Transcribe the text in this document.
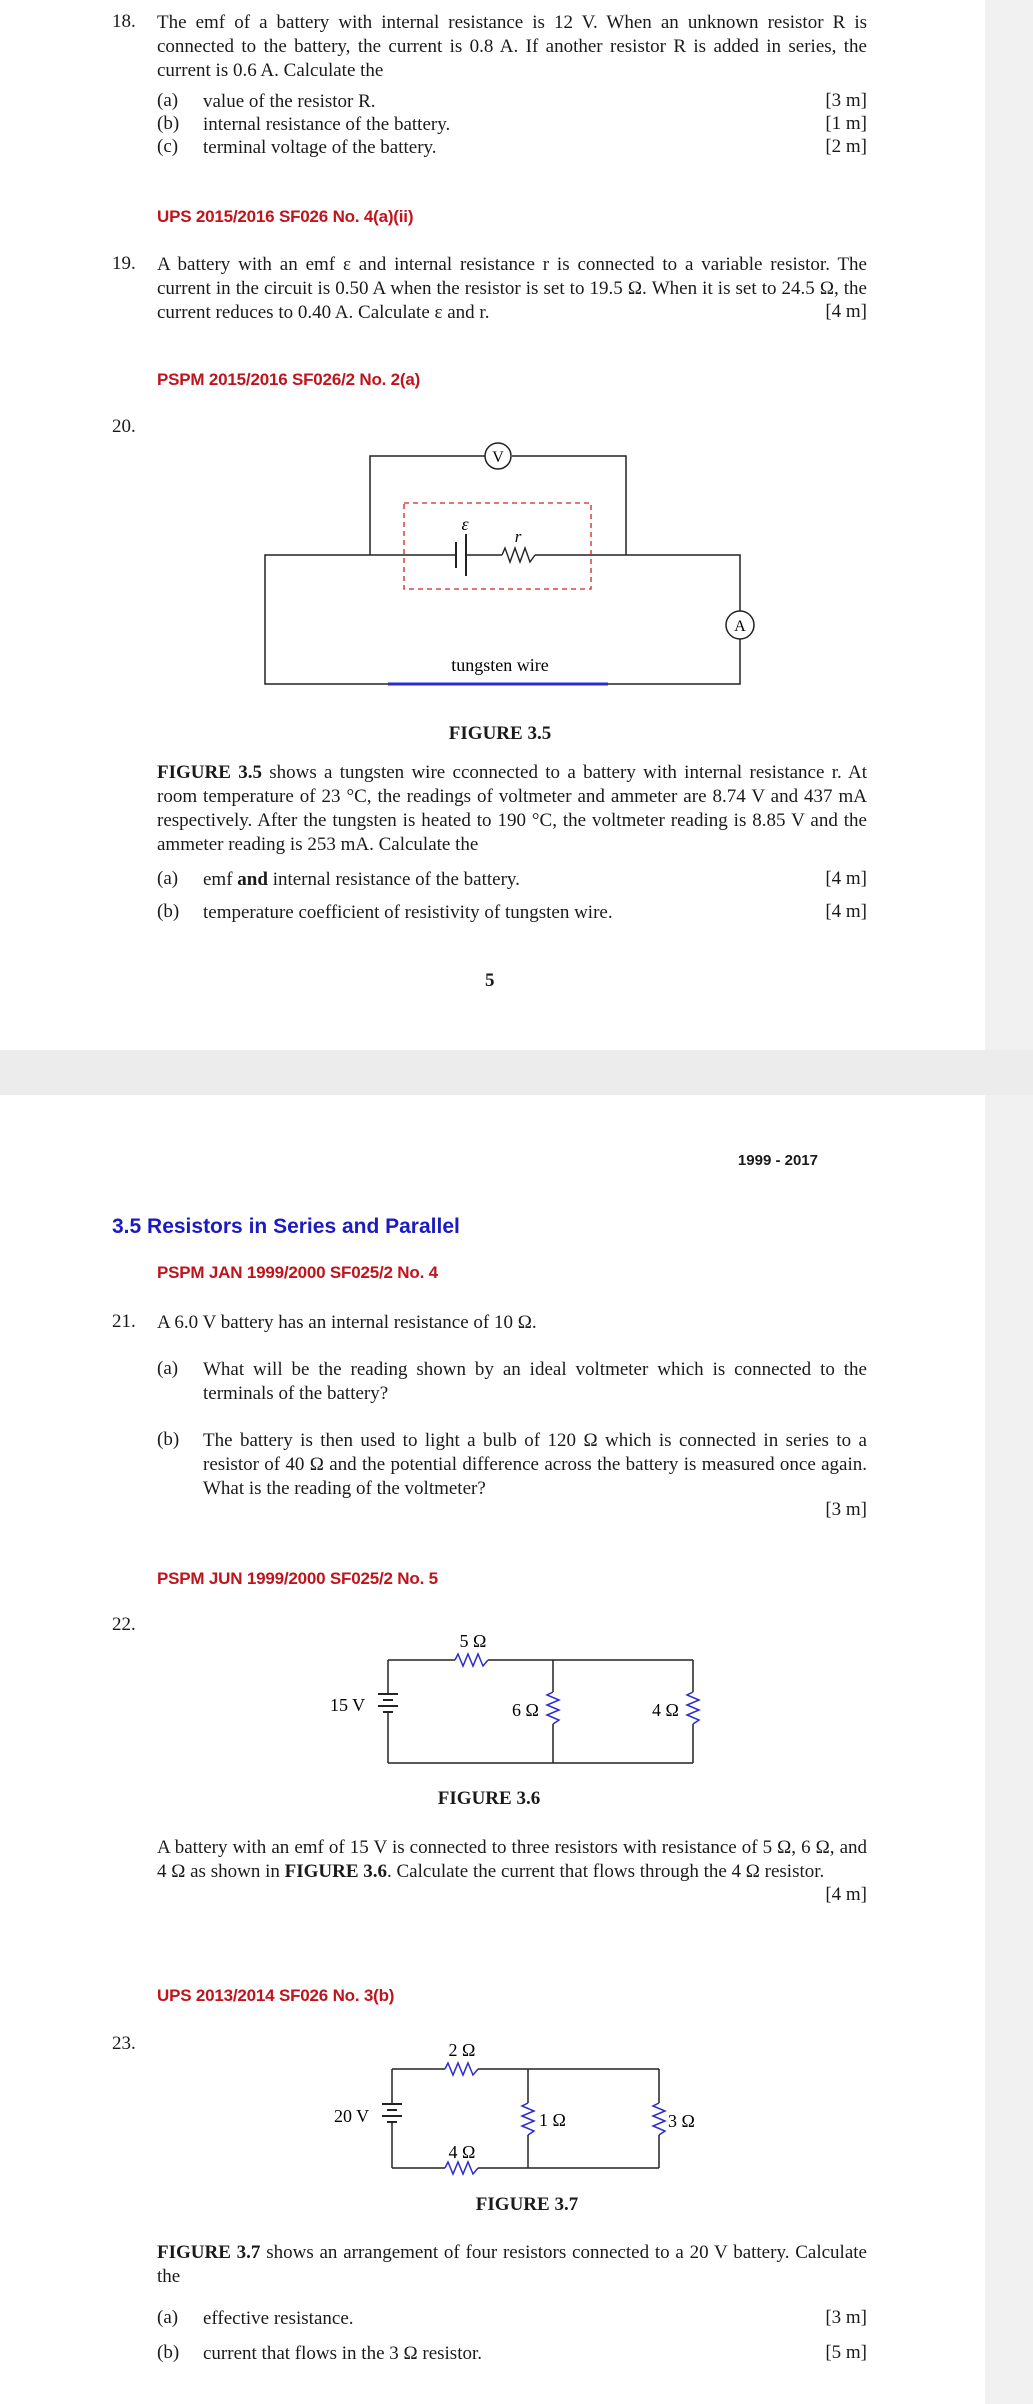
18. The emf of a battery with internal resistance is 12 V. When an unknown resistor R is connected to the battery, the current is 0.8 A. If another resistor R is added in series, the current is 0.6 A. Calculate the
(a) value of the resistor R.	[3 m]
(b) internal resistance of the battery.	[1 m]
(c) terminal voltage of the battery.	[2 m]
UPS 2015/2016 SF026 No. 4(a)(ii)
19. A battery with an emf ε and internal resistance r is connected to a variable resistor. The current in the circuit is 0.50 A when the resistor is set to 19.5 Ω. When it is set to 24.5 Ω, the current reduces to 0.40 A. Calculate ε and r.	[4 m]
PSPM 2015/2016 SF026/2 No. 2(a)
20.
V
ε
r
A
tungsten wire
FIGURE 3.5
FIGURE 3.5 shows a tungsten wire cconnected to a battery with internal resistance r. At room temperature of 23 °C, the readings of voltmeter and ammeter are 8.74 V and 437 mA respectively. After the tungsten is heated to 190 °C, the voltmeter reading is 8.85 V and the ammeter reading is 253 mA. Calculate the
(a) emf and internal resistance of the battery.	[4 m]
(b) temperature coefficient of resistivity of tungsten wire.	[4 m]
5
1999 - 2017
3.5 Resistors in Series and Parallel
PSPM JAN 1999/2000 SF025/2 No. 4
21. A 6.0 V battery has an internal resistance of 10 Ω.
(a) What will be the reading shown by an ideal voltmeter which is connected to the terminals of the battery?
(b) The battery is then used to light a bulb of 120 Ω which is connected in series to a resistor of 40 Ω and the potential difference across the battery is measured once again. What is the reading of the voltmeter?
[3 m]
PSPM JUN 1999/2000 SF025/2 No. 5
22.
15 V
5 Ω
6 Ω	4 Ω
20 V
2 Ω
4 Ω
1 Ω	3 Ω
FIGURE 3.6
A battery with an emf of 15 V is connected to three resistors with resistance of 5 Ω, 6 Ω, and 4 Ω as shown in FIGURE 3.6. Calculate the current that flows through the 4 Ω resistor.
[4 m]
UPS 2013/2014 SF026 No. 3(b)
23.
FIGURE 3.7
FIGURE 3.7 shows an arrangement of four resistors connected to a 20 V battery. Calculate the
(a) effective resistance.	[3 m]
(b) current that flows in the 3 Ω resistor.	[5 m]
